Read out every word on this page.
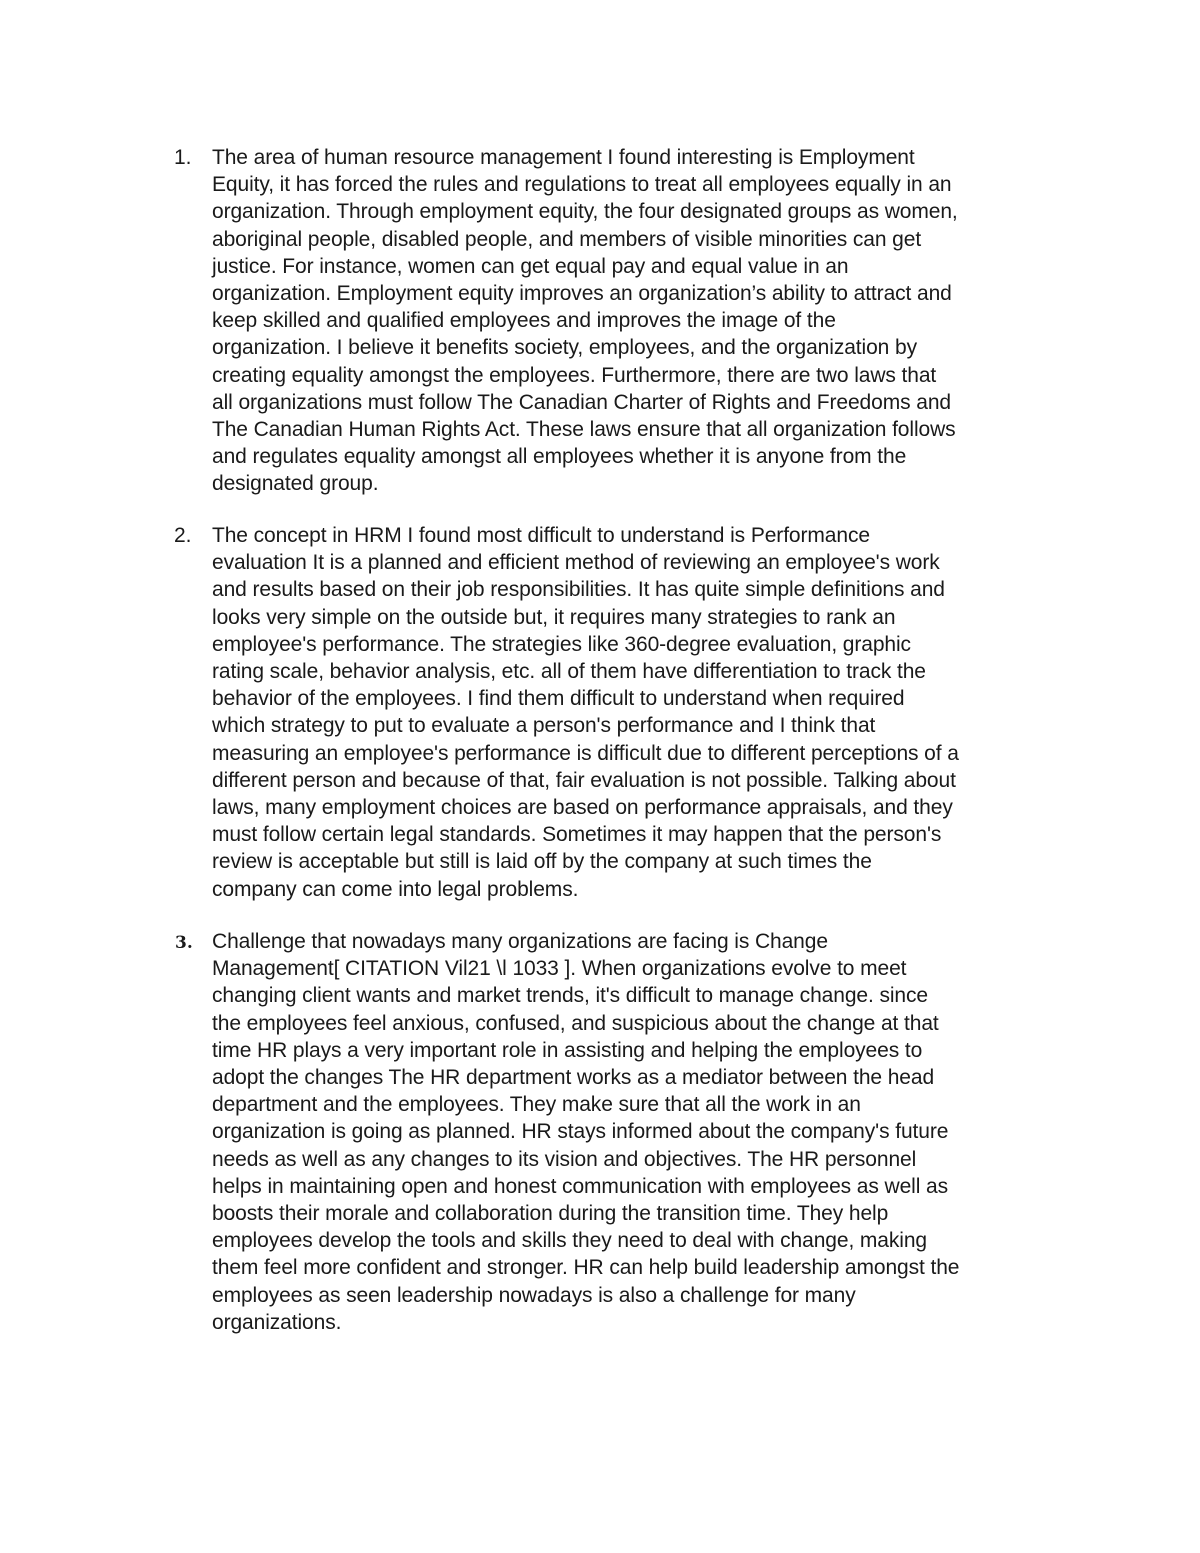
1. The area of human resource management I found interesting is Employment
Equity, it has forced the rules and regulations to treat all employees equally in an
organization. Through employment equity, the four designated groups as women,
aboriginal people, disabled people, and members of visible minorities can get
justice. For instance, women can get equal pay and equal value in an
organization. Employment equity improves an organization’s ability to attract and
keep skilled and qualified employees and improves the image of the
organization. I believe it benefits society, employees, and the organization by
creating equality amongst the employees. Furthermore, there are two laws that
all organizations must follow The Canadian Charter of Rights and Freedoms and
The Canadian Human Rights Act. These laws ensure that all organization follows
and regulates equality amongst all employees whether it is anyone from the
designated group.
2. The concept in HRM I found most difficult to understand is Performance
evaluation It is a planned and efficient method of reviewing an employee's work
and results based on their job responsibilities. It has quite simple definitions and
looks very simple on the outside but, it requires many strategies to rank an
employee's performance. The strategies like 360-degree evaluation, graphic
rating scale, behavior analysis, etc. all of them have differentiation to track the
behavior of the employees. I find them difficult to understand when required
which strategy to put to evaluate a person's performance and I think that
measuring an employee's performance is difficult due to different perceptions of a
different person and because of that, fair evaluation is not possible. Talking about
laws, many employment choices are based on performance appraisals, and they
must follow certain legal standards. Sometimes it may happen that the person's
review is acceptable but still is laid off by the company at such times the
company can come into legal problems.
3. Challenge that nowadays many organizations are facing is Change
Management[ CITATION Vil21 \l 1033 ]. When organizations evolve to meet
changing client wants and market trends, it's difficult to manage change. since
the employees feel anxious, confused, and suspicious about the change at that
time HR plays a very important role in assisting and helping the employees to
adopt the changes The HR department works as a mediator between the head
department and the employees. They make sure that all the work in an
organization is going as planned. HR stays informed about the company's future
needs as well as any changes to its vision and objectives. The HR personnel
helps in maintaining open and honest communication with employees as well as
boosts their morale and collaboration during the transition time. They help
employees develop the tools and skills they need to deal with change, making
them feel more confident and stronger. HR can help build leadership amongst the
employees as seen leadership nowadays is also a challenge for many
organizations.
